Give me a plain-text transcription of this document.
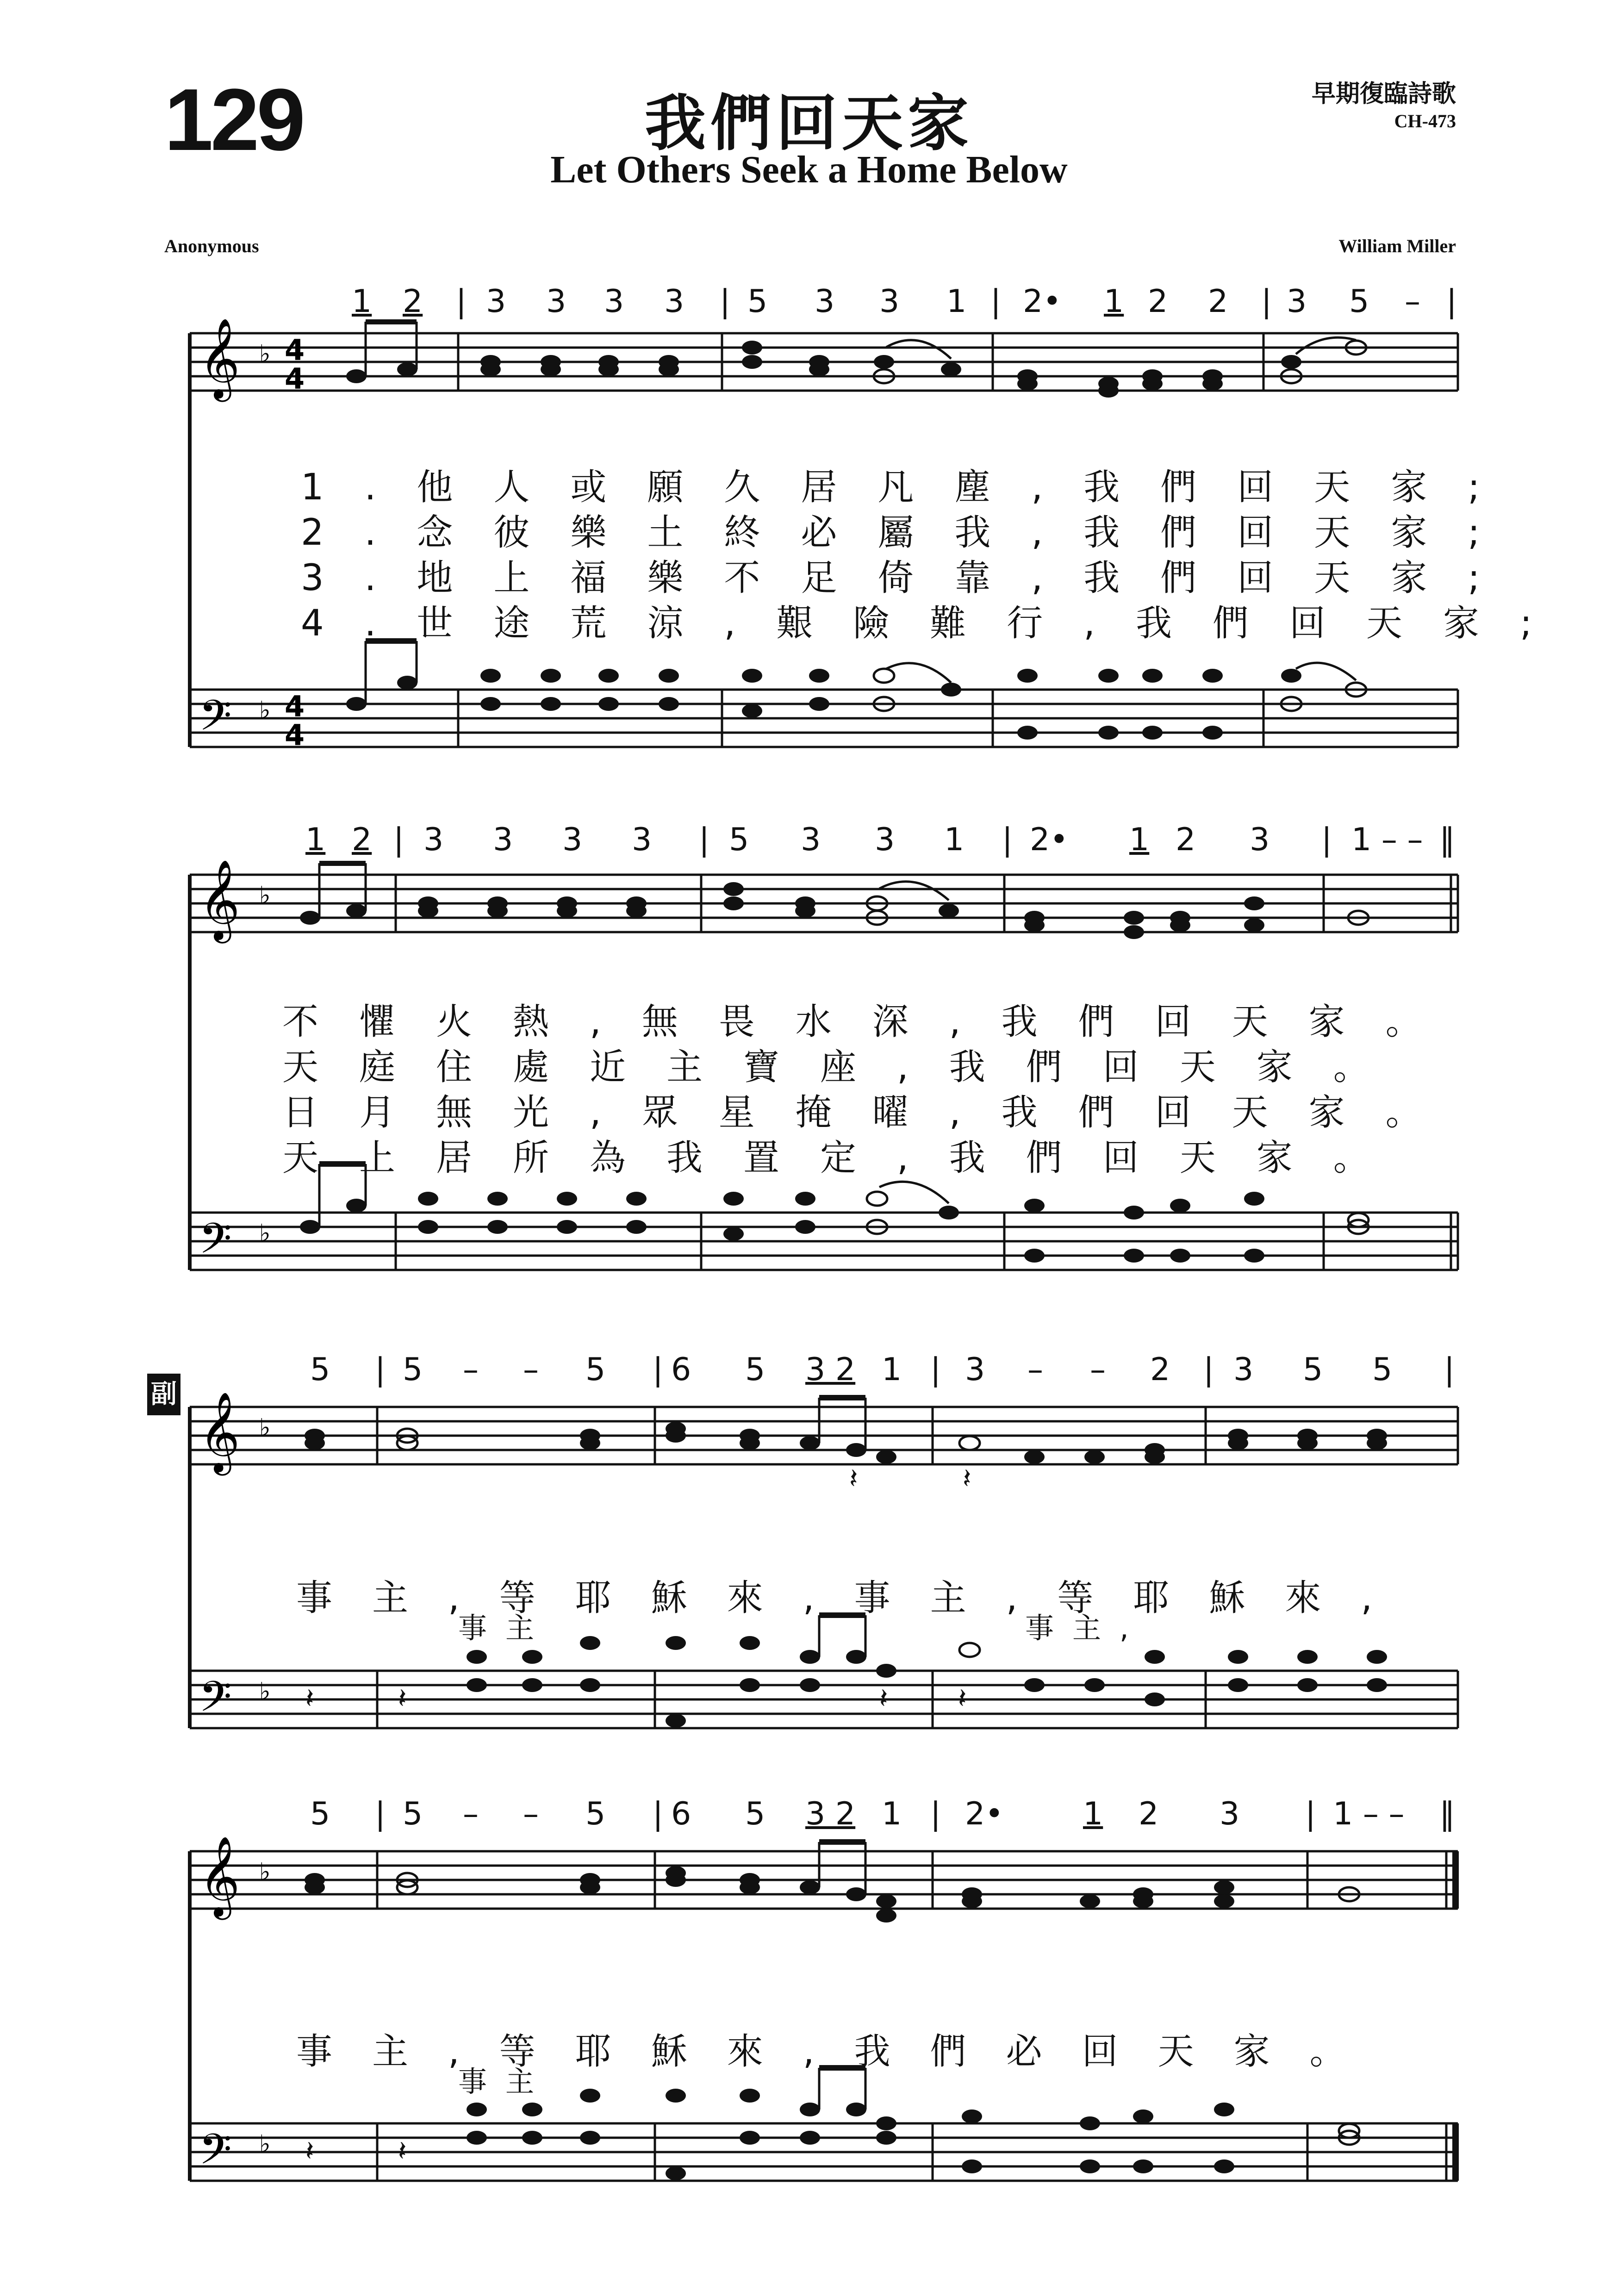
129	我們回天家
Let Others Seek a Home Below
早期復臨詩歌
CH-473
Anonymous	William Miller
1 2 | 3 3 3 3 | 5 3 3 1 | 2• 1 2 2 | 3 5 – |
𝄞
𝄢
♭
♭
4
4
4
4
1.他人或願久居凡塵,我們回天家;
2.念彼樂土終必屬我,我們回天家;
3.地上福樂不足倚靠,我們回天家;
4.世途荒涼,艱險難行,我們回天家;
1 2 | 3 3 3 3 | 5 3 3 1 | 2• 1 2 3 | 1 – – ‖
𝄞
𝄢
♭
♭
不懼火熱,無畏水深,我們回天家。
天庭住處近主寶座,我們回天家。
日月無光,眾星掩曜,我們回天家。
天上居所為我置定,我們回天家。
副
5 | 5 – – 5 | 6 5 3 2 1 | 3 – – 2 | 3 5 5 |
𝄞
𝄢
♭
♭ 𝄽	𝄽	𝄽	𝄽
𝄽	𝄽
事主,等耶穌來,事主,等耶穌來,
事主	事主,
5 | 5 – – 5 | 6 5 3 2 1 | 2•	1 2 3 | 1 – – ‖
𝄞
𝄢
♭
♭ 𝄽	𝄽
事主,等耶穌來,我們必回天家。
事主
